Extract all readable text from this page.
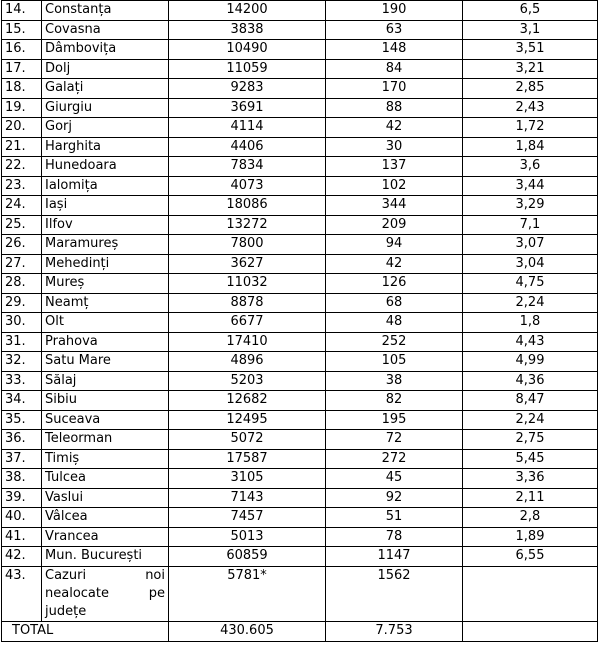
14.	Constanța	14200	190	6,5
15.	Covasna	3838	63	3,1
16.	Dâmbovița	10490	148	3,51
17.	Dolj	11059	84	3,21
18.	Galați	9283	170	2,85
19.	Giurgiu	3691	88	2,43
20.	Gorj	4114	42	1,72
21.	Harghita	4406	30	1,84
22.	Hunedoara	7834	137	3,6
23.	Ialomița	4073	102	3,44
24.	Iași	18086	344	3,29
25.	Ilfov	13272	209	7,1
26.	Maramureș	7800	94	3,07
27.	Mehedinți	3627	42	3,04
28.	Mureș	11032	126	4,75
29.	Neamț	8878	68	2,24
30.	Olt	6677	48	1,8
31.	Prahova	17410	252	4,43
32.	Satu Mare	4896	105	4,99
33.	Sălaj	5203	38	4,36
34.	Sibiu	12682	82	8,47
35.	Suceava	12495	195	2,24
36.	Teleorman	5072	72	2,75
37.	Timiș	17587	272	5,45
38.	Tulcea	3105	45	3,36
39.	Vaslui	7143	92	2,11
40.	Vâlcea	7457	51	2,8
41.	Vrancea	5013	78	1,89
42.	Mun. București	60859	1147	6,55
43.	Cazuri noi
nealocate pe
județe	5781*	1562	
TOTAL		430.605	7.753	
